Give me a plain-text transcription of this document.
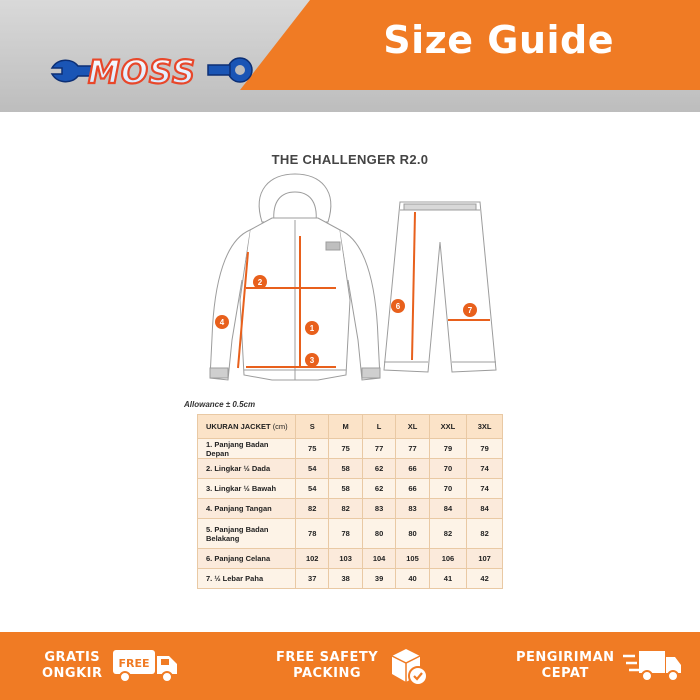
Size Guide
MOSS
THE CHALLENGER R2.0
1
2
3
4
6	7
Allowance ± 0.5cm
UKURAN JACKET (cm)	S	M	L	XL	XXL	3XL
1. Panjang Badan Depan	75	75	77	77	79	79
2. Lingkar ½ Dada	54	58	62	66	70	74
3. Lingkar ½ Bawah	54	58	62	66	70	74
4. Panjang Tangan	82	82	83	83	84	84
5. Panjang Badan Belakang	78	78	80	80	82	82
6. Panjang Celana	102	103	104	105	106	107
7. ½ Lebar Paha	37	38	39	40	41	42
GRATIS
ONGKIR
FREE	FREE SAFETY
PACKING
PENGIRIMAN
CEPAT
